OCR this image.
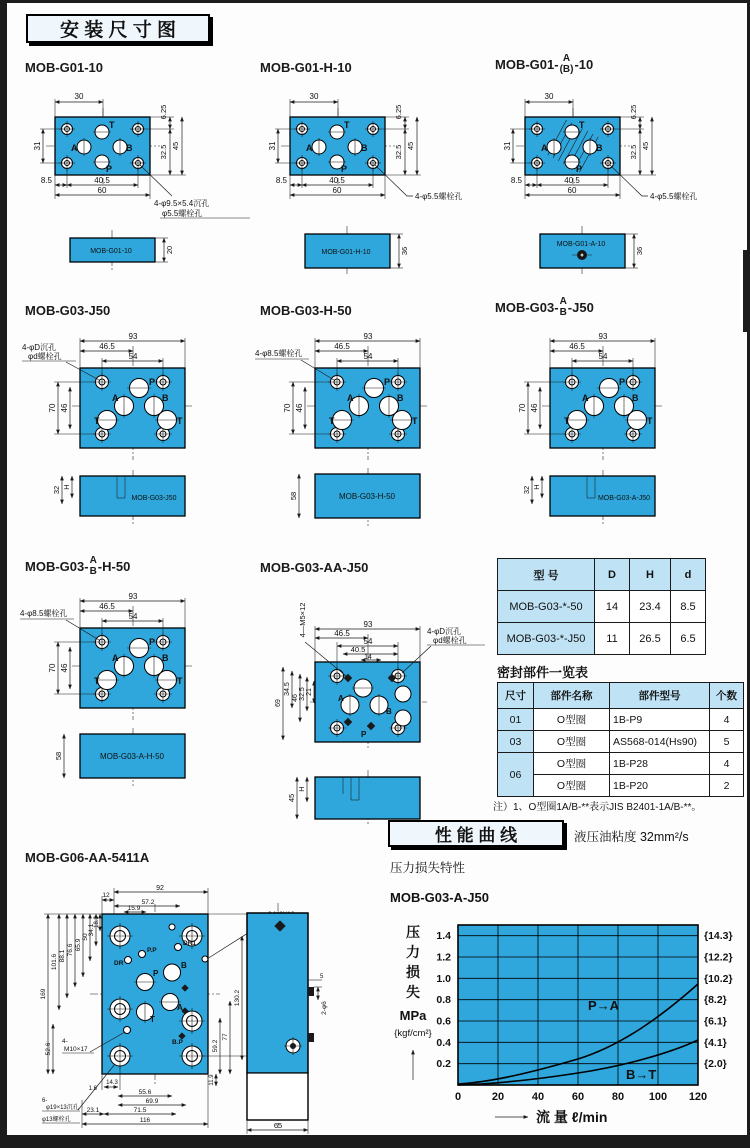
安 装 尺 寸 图
MOB-G01-10	MOB-G01-H-10	MOB-G01- A
(B) -10
T
A	B
P
30
6.25
31	32.5 45
8.5	40.5
60
4-φ9.5×5.4沉孔
φ5.5螺栓孔
MOB-G01-10	20
T
A	B
P
30
6.25
31	32.5 45
8.5	40.5
60
4-φ5.5螺栓孔
MOB-G01-H-10	36
T
A	B
P
30
6.25
31	32.5 45
8.5	40.5
60
4-φ5.5螺栓孔
MOB-G01-A-10
36
MOB-G03-J50	MOB-G03-H-50	MOB-G03- A
B -J50
P
A	B
T	T
93
46.5
54
70 46
4-φD沉孔
φd螺栓孔
MOB-G03-J50
32 H
P
A	B
T	T
93
46.5
54
70 46
4-φ8.5螺栓孔
MOB-G03-H-50
58
P
A	B
T	T
93
46.5
54
70 46
MOB-G03-A-J50
32 H
MOB-G03- A
B -H-50	MOB-G03-AA-J50
P
A	B
T	T
93
46.5
54
70 46
4-φ8.5螺栓孔
MOB-G03-A-H-50
58
A
B
P
93
46.5
54
40.5
14
69
34.5
46 32.5 21
4—M5×12	4-φD沉孔
φd螺栓孔
45
H
型 号	D	H	d
MOB-G03-*-50	14	23.4	8.5
MOB-G03-*-J50	11	26.5	6.5
密封部件一览表
尺寸	部件名称	部件型号	个数
01	O型圈	1B-P9	4
03	O型圈	AS568-014(Hs90)	5
06	O型圈	1B-P28	4
	O型圈	1B-P20	2
注）1、O型圈1A/B-**表示JIS B2401-1A/B-**。
性 能 曲 线	液压油粘度 32mm²/s
压力损失特性
MOB-G03-A-J50
P→A
B→T
1.4
1.2
1.0
0.8
0.6
0.4
0.2
{14.3}
{12.2}
{10.2}
{8.2}
{6.1}
{4.1}
{2.0}
0	20	40	60	80 100 120
压
力
损
失
MPa
{kgf/cm²}
流 量 ℓ/min
MOB-G06-AA-5411A
P.P
DR
DR1
P
B
T
A
B.P
12
92
57.2
15.9
169
101.6 88.1 76.6 65.9
50
34.1
18.3
52.6
130.2
77
59.2
11.9
1.6
14.3
55.6
69.9
23.1	71.5
116
4-
M10×17
6-
φ19×13沉孔
φ13螺栓孔
5
2-φ6
65
